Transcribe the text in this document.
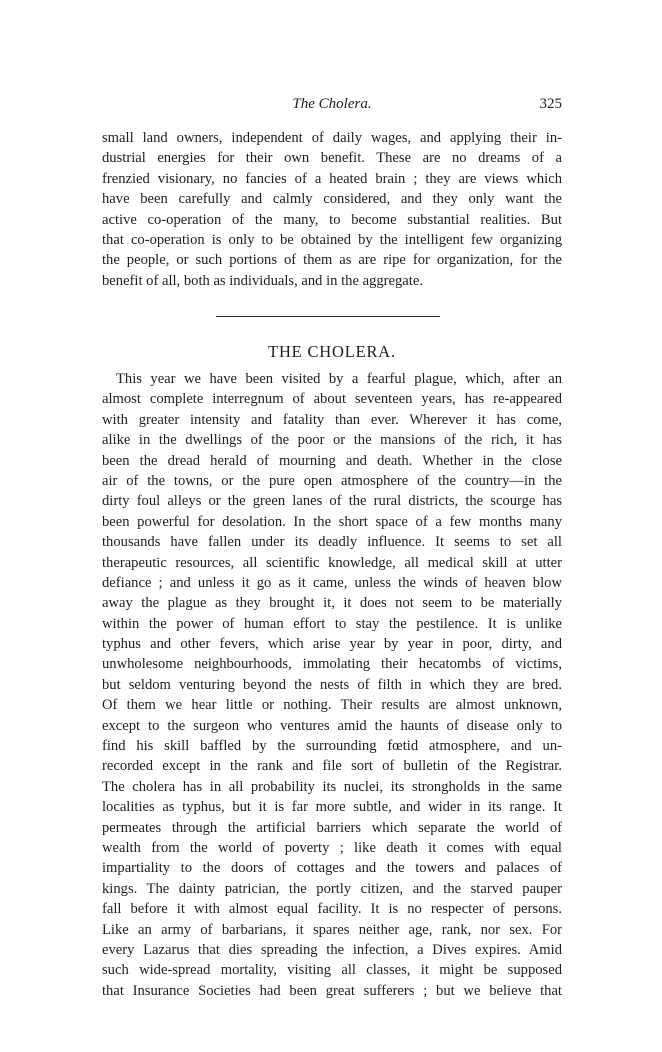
The Cholera.	325
small land owners, independent of daily wages, and applying their in-
dustrial energies for their own benefit. These are no dreams of a
frenzied visionary, no fancies of a heated brain ; they are views which
have been carefully and calmly considered, and they only want the
active co-operation of the many, to become substantial realities. But
that co-operation is only to be obtained by the intelligent few organizing
the people, or such portions of them as are ripe for organization, for the
benefit of all, both as individuals, and in the aggregate.
THE CHOLERA.
This year we have been visited by a fearful plague, which, after an
almost complete interregnum of about seventeen years, has re-appeared
with greater intensity and fatality than ever. Wherever it has come,
alike in the dwellings of the poor or the mansions of the rich, it has
been the dread herald of mourning and death. Whether in the close
air of the towns, or the pure open atmosphere of the country—in the
dirty foul alleys or the green lanes of the rural districts, the scourge has
been powerful for desolation. In the short space of a few months many
thousands have fallen under its deadly influence. It seems to set all
therapeutic resources, all scientific knowledge, all medical skill at utter
defiance ; and unless it go as it came, unless the winds of heaven blow
away the plague as they brought it, it does not seem to be materially
within the power of human effort to stay the pestilence. It is unlike
typhus and other fevers, which arise year by year in poor, dirty, and
unwholesome neighbourhoods, immolating their hecatombs of victims,
but seldom venturing beyond the nests of filth in which they are bred.
Of them we hear little or nothing. Their results are almost unknown,
except to the surgeon who ventures amid the haunts of disease only to
find his skill baffled by the surrounding fœtid atmosphere, and un-
recorded except in the rank and file sort of bulletin of the Registrar.
The cholera has in all probability its nuclei, its strongholds in the same
localities as typhus, but it is far more subtle, and wider in its range. It
permeates through the artificial barriers which separate the world of
wealth from the world of poverty ; like death it comes with equal
impartiality to the doors of cottages and the towers and palaces of
kings. The dainty patrician, the portly citizen, and the starved pauper
fall before it with almost equal facility. It is no respecter of persons.
Like an army of barbarians, it spares neither age, rank, nor sex. For
every Lazarus that dies spreading the infection, a Dives expires. Amid
such wide-spread mortality, visiting all classes, it might be supposed
that Insurance Societies had been great sufferers ; but we believe that
